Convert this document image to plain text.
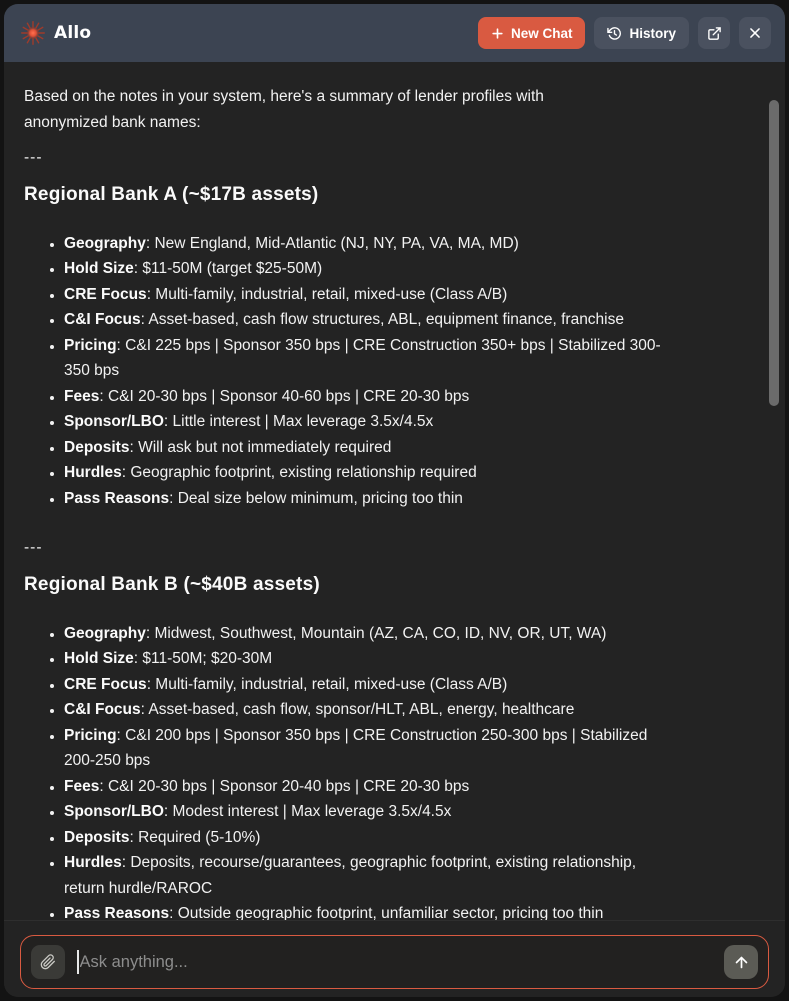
Allo	New Chat	History

Based on the notes in your system, here's a summary of lender profiles with anonymized bank names:

---

Regional Bank A (~$17B assets)
• Geography: New England, Mid-Atlantic (NJ, NY, PA, VA, MA, MD)
• Hold Size: $11-50M (target $25-50M)
• CRE Focus: Multi-family, industrial, retail, mixed-use (Class A/B)
• C&I Focus: Asset-based, cash flow structures, ABL, equipment finance, franchise
• Pricing: C&I 225 bps | Sponsor 350 bps | CRE Construction 350+ bps | Stabilized 300-350 bps
• Fees: C&I 20-30 bps | Sponsor 40-60 bps | CRE 20-30 bps
• Sponsor/LBO: Little interest | Max leverage 3.5x/4.5x
• Deposits: Will ask but not immediately required
• Hurdles: Geographic footprint, existing relationship required
• Pass Reasons: Deal size below minimum, pricing too thin

---

Regional Bank B (~$40B assets)
• Geography: Midwest, Southwest, Mountain (AZ, CA, CO, ID, NV, OR, UT, WA)
• Hold Size: $11-50M; $20-30M
• CRE Focus: Multi-family, industrial, retail, mixed-use (Class A/B)
• C&I Focus: Asset-based, cash flow, sponsor/HLT, ABL, energy, healthcare
• Pricing: C&I 200 bps | Sponsor 350 bps | CRE Construction 250-300 bps | Stabilized 200-250 bps
• Fees: C&I 20-30 bps | Sponsor 20-40 bps | CRE 20-30 bps
• Sponsor/LBO: Modest interest | Max leverage 3.5x/4.5x
• Deposits: Required (5-10%)
• Hurdles: Deposits, recourse/guarantees, geographic footprint, existing relationship, return hurdle/RAROC
• Pass Reasons: Outside geographic footprint, unfamiliar sector, pricing too thin
Ask anything...
